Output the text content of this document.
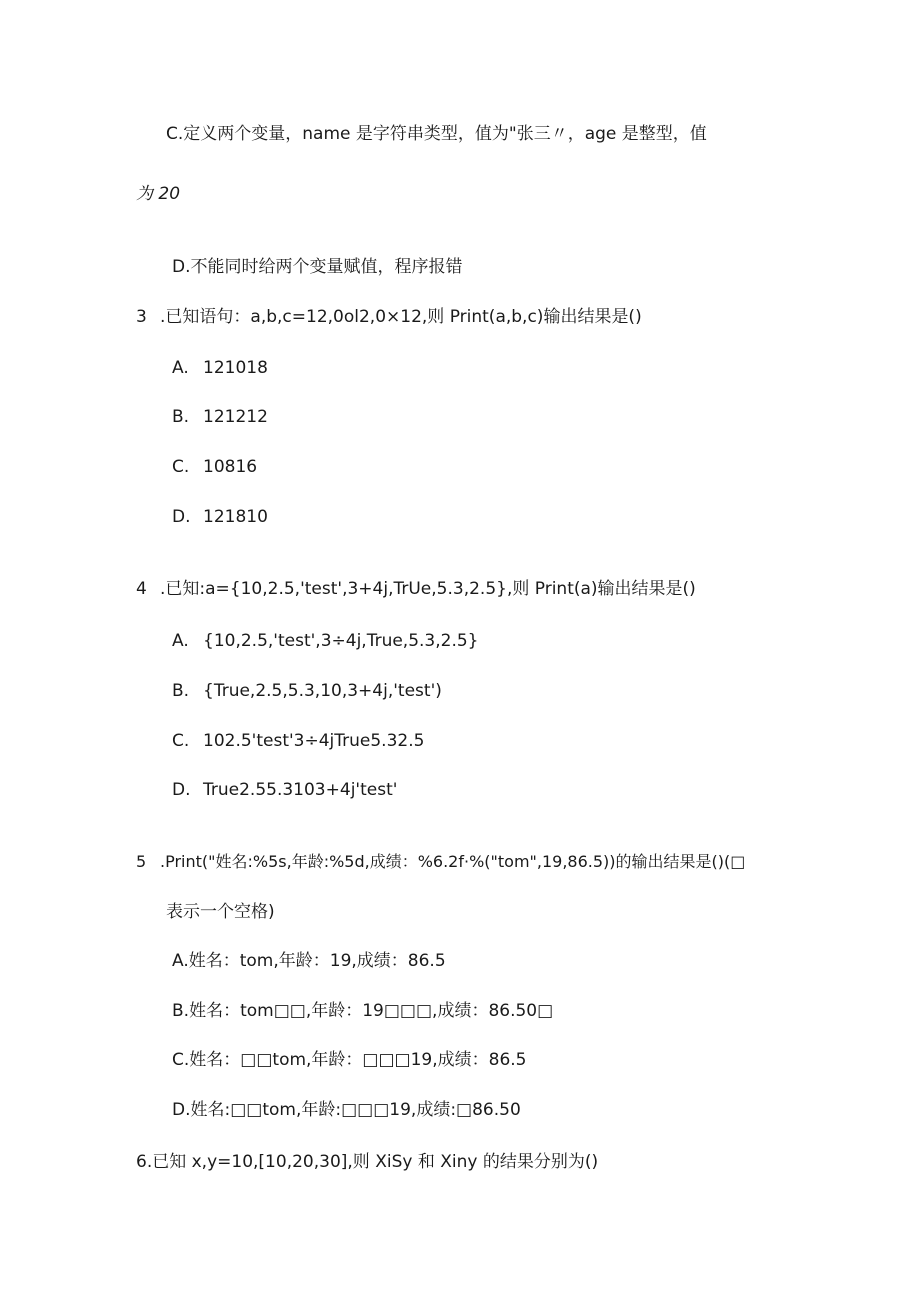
C.定义两个变量，name 是字符串类型，值为"张三〃，age 是整型，值
为 20
D.不能同时给两个变量赋值，程序报错
3 .已知语句：a,b,c=12,0ol2,0×12,则 Print(a,b,c)输出结果是()
A. 121018
B. 121212
C. 10816
D. 121810
4 .已知:a={10,2.5,'test',3+4j,TrUe,5.3,2.5},则 Print(a)输出结果是()
A. {10,2.5,'test',3÷4j,True,5.3,2.5}
B. {True,2.5,5.3,10,3+4j,'test')
C. 102.5'test'3÷4jTrue5.32.5
D. True2.55.3103+4j'test'
5 .Print("姓名:%5s,年龄:%5d,成绩：%6.2f·%("tom",19,86.5))的输出结果是()(□
表示一个空格)
A.姓名：tom,年龄：19,成绩：86.5
B.姓名：tom□□,年龄：19□□□,成绩：86.50□
C.姓名：□□tom,年龄：□□□19,成绩：86.5
D.姓名:□□tom,年龄:□□□19,成绩:□86.50
6.已知 x,y=10,[10,20,30],则 XiSy 和 Xiny 的结果分别为()
